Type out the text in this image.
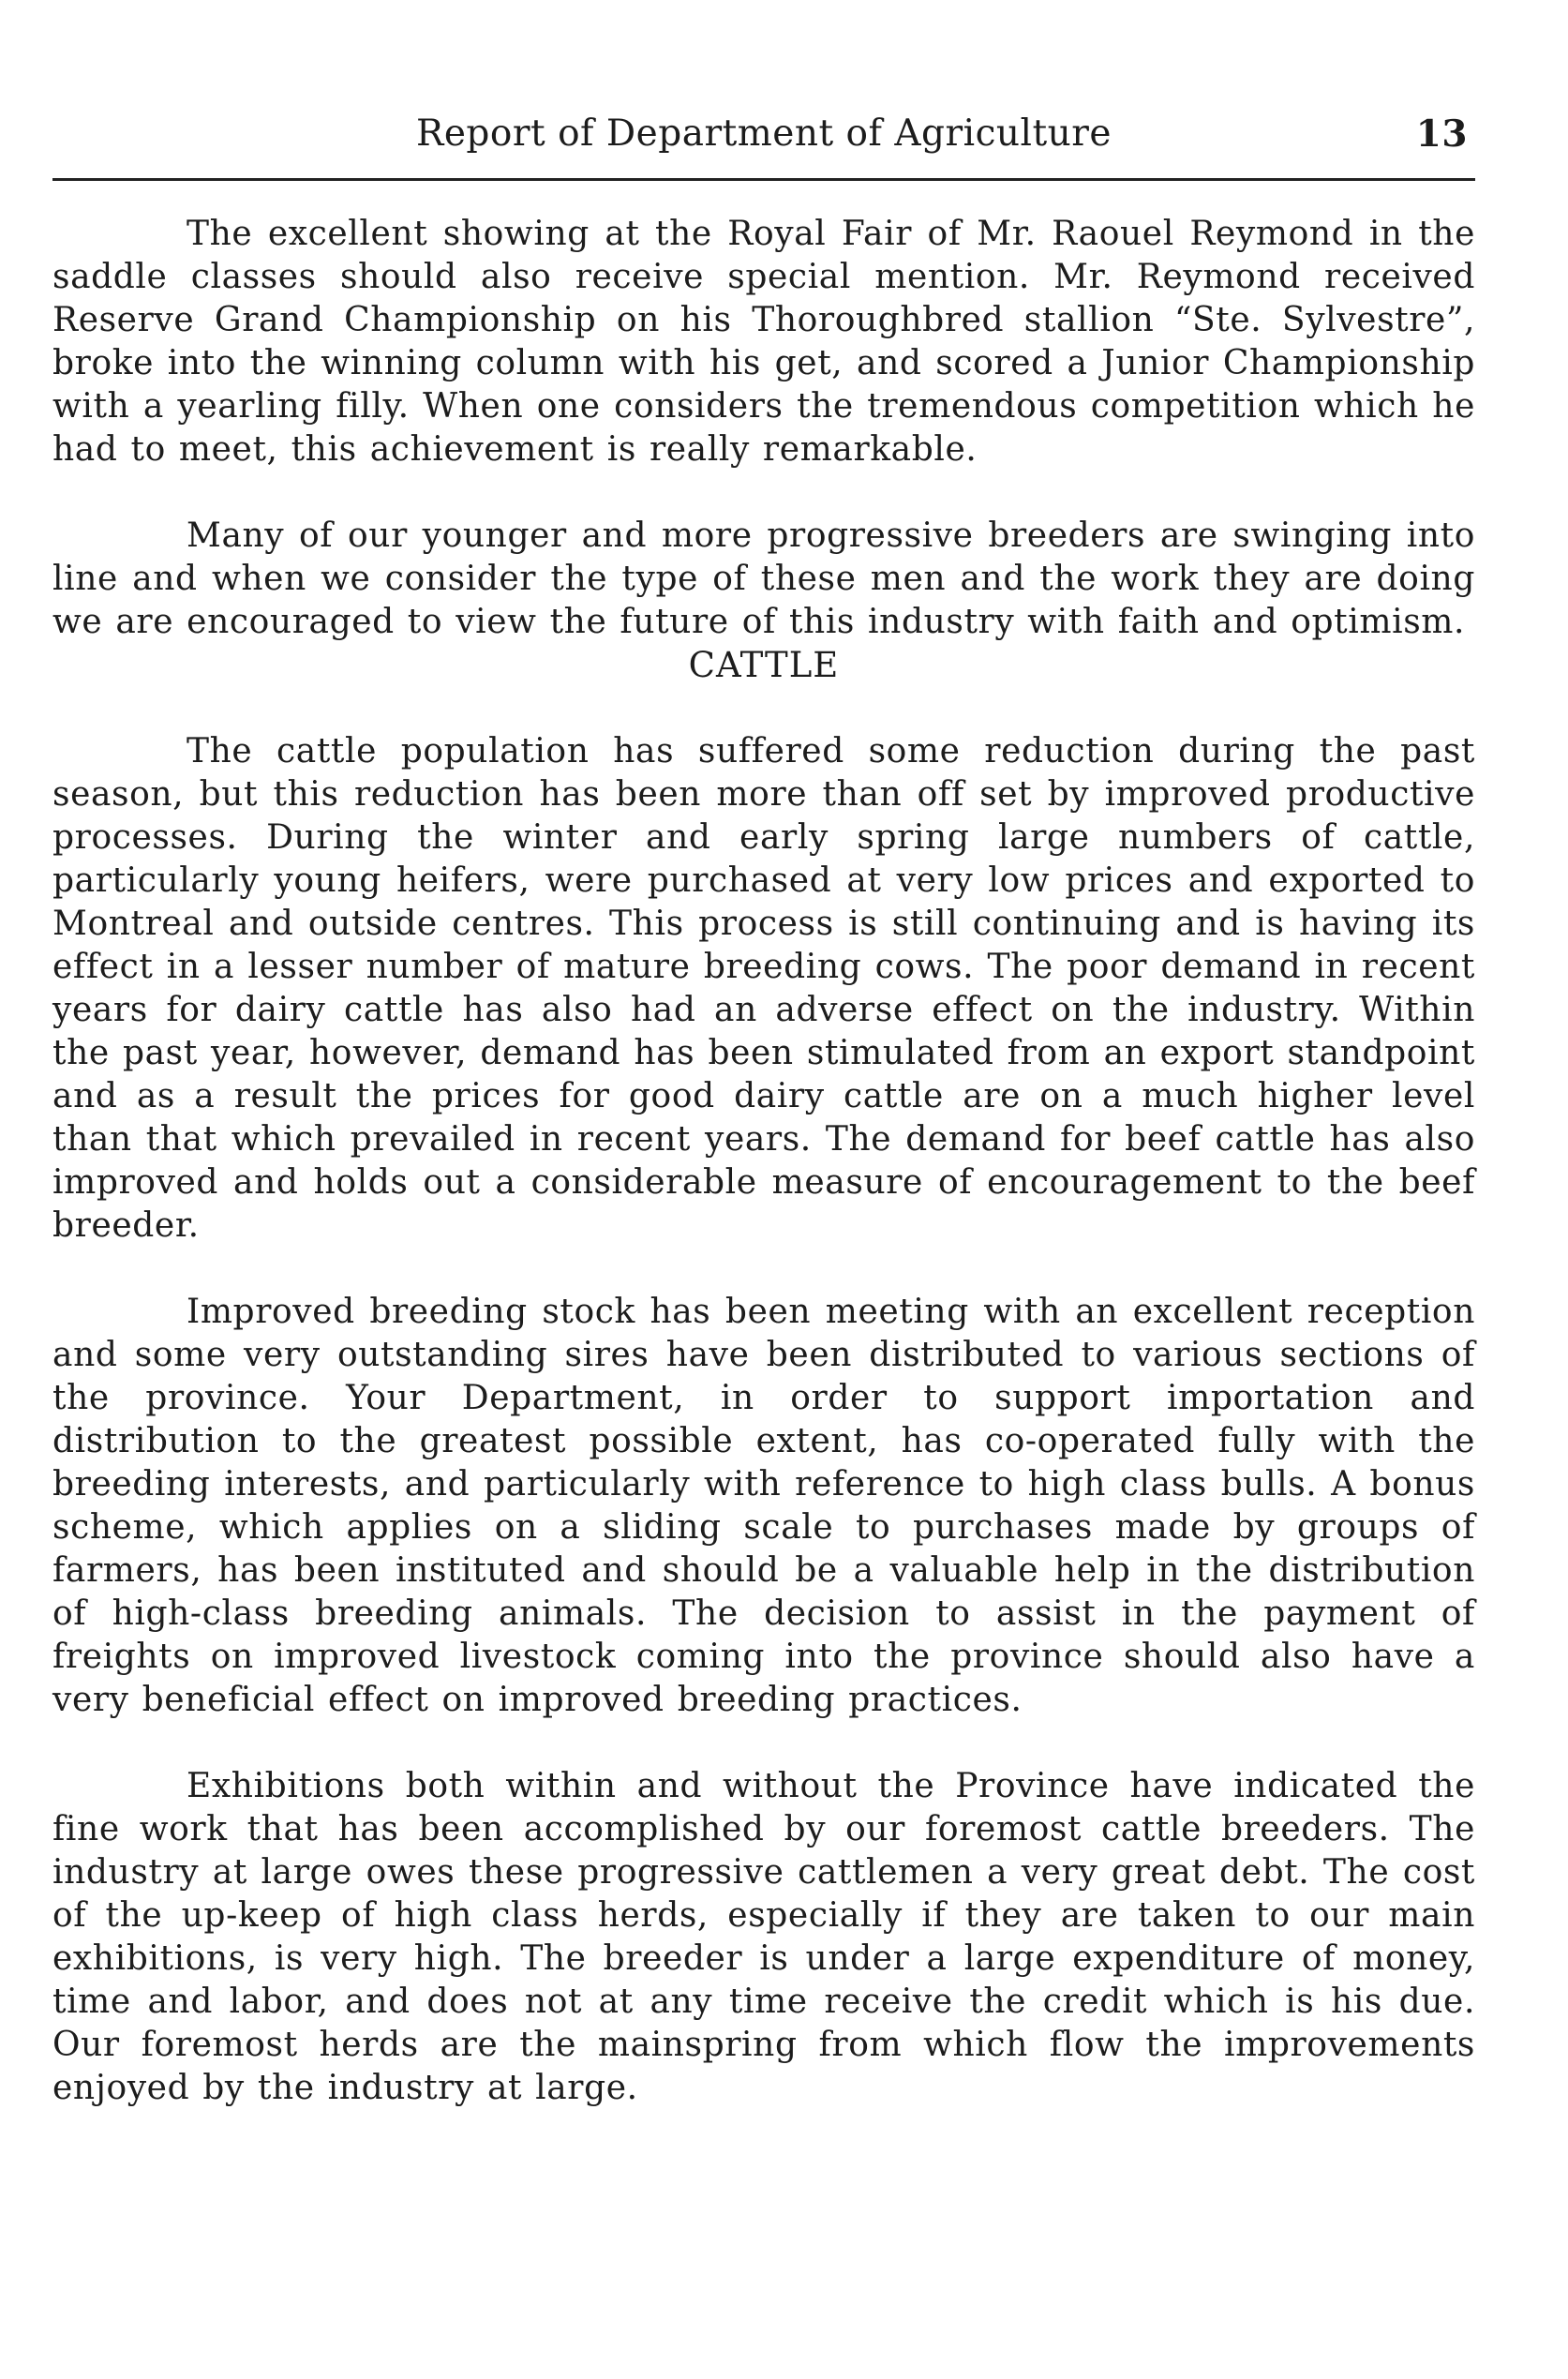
Report of Department of Agriculture	13

The excellent showing at the Royal Fair of Mr. Raouel Reymond in the saddle classes should also receive special mention. Mr. Reymond received Reserve Grand Championship on his Thoroughbred stallion “Ste. Sylvestre”, broke into the winning column with his get, and scored a Junior Championship with a yearling filly. When one considers the tremendous competition which he had to meet, this achievement is really remarkable.

Many of our younger and more progressive breeders are swinging into line and when we consider the type of these men and the work they are doing we are encouraged to view the future of this industry with faith and optimism.

CATTLE

The cattle population has suffered some reduction during the past season, but this reduction has been more than off set by improved productive processes. During the winter and early spring large numbers of cattle, particularly young heifers, were purchased at very low prices and exported to Montreal and outside centres. This process is still continuing and is having its effect in a lesser number of mature breeding cows. The poor demand in recent years for dairy cattle has also had an adverse effect on the industry. Within the past year, however, demand has been stimulated from an export standpoint and as a result the prices for good dairy cattle are on a much higher level than that which prevailed in recent years. The demand for beef cattle has also improved and holds out a considerable measure of encouragement to the beef breeder.

Improved breeding stock has been meeting with an excellent reception and some very outstanding sires have been distributed to various sections of the province. Your Department, in order to support importation and distribution to the greatest possible extent, has co-operated fully with the breeding interests, and particularly with reference to high class bulls. A bonus scheme, which applies on a sliding scale to purchases made by groups of farmers, has been instituted and should be a valuable help in the distribution of high-class breeding animals. The decision to assist in the payment of freights on improved livestock coming into the province should also have a very beneficial effect on improved breeding practices.

Exhibitions both within and without the Province have indicated the fine work that has been accomplished by our foremost cattle breeders. The industry at large owes these progressive cattlemen a very great debt. The cost of the up-keep of high class herds, especially if they are taken to our main exhibitions, is very high. The breeder is under a large expenditure of money, time and labor, and does not at any time receive the credit which is his due. Our foremost herds are the mainspring from which flow the improvements enjoyed by the industry at large.
